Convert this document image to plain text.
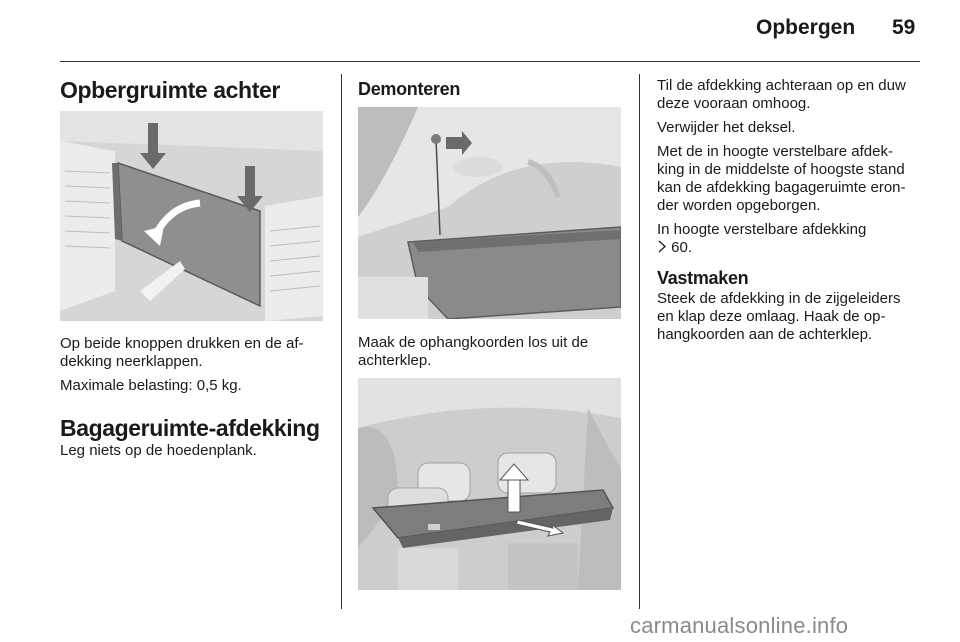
Opbergen 59
Opbergruimte achter

Op beide knoppen drukken en de af-

dekking neerklappen.

Maximale belasting: 0,5 kg.

Bagageruimte-afdekking

Leg niets op de hoedenplank.

Demonteren

Maak de ophangkoorden los uit de

achterklep.

Til de afdekking achteraan op en duw

deze vooraan omhoog.

Verwijder het deksel.

Met de in hoogte verstelbare afdek-

king in de middelste of hoogste stand

kan de afdekking bagageruimte eron-

der worden opgeborgen.

In hoogte verstelbare afdekking

60.
Vastmaken

Steek de afdekking in de zijgeleiders

en klap deze omlaag. Haak de op-

hangkoorden aan de achterklep.

carmanualsonline.info
